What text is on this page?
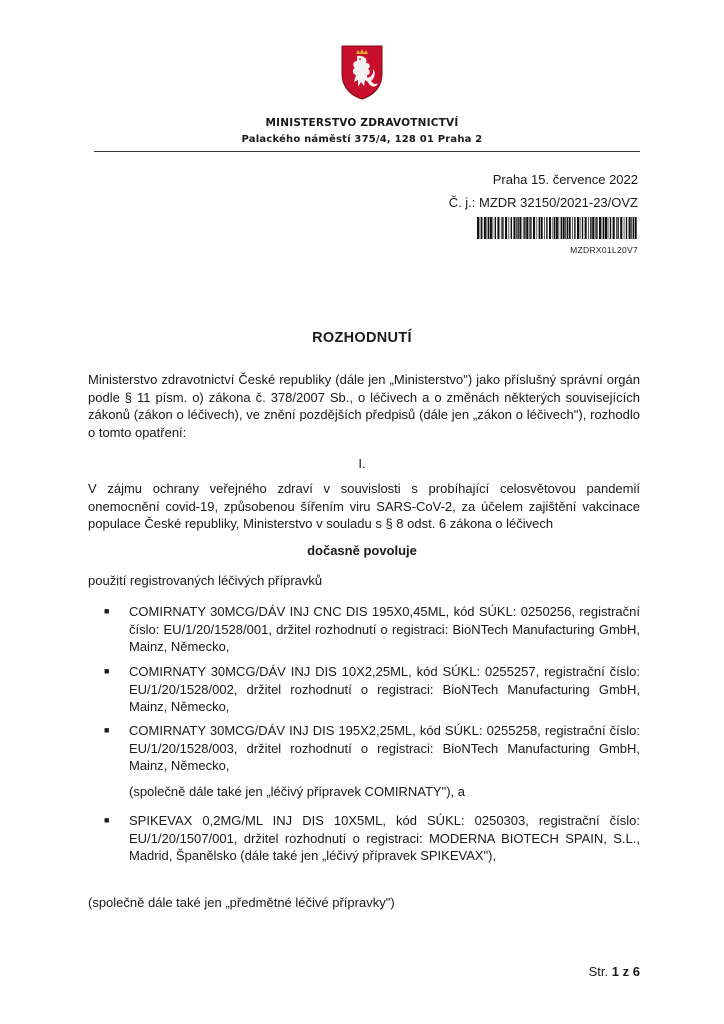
MINISTERSTVO ZDRAVOTNICTVÍ
Palackého náměstí 375/4, 128 01 Praha 2
Praha 15. července 2022
Č. j.: MZDR 32150/2021-23/OVZ
MZDRX01L20V7
ROZHODNUTÍ
Ministerstvo zdravotnictví České republiky (dále jen „Ministerstvo") jako příslušný správní orgán podle § 11 písm. o) zákona č. 378/2007 Sb., o léčivech a o změnách některých souvisejících zákonů (zákon o léčivech), ve znění pozdějších předpisů (dále jen „zákon o léčivech"), rozhodlo o tomto opatření:
I.
V zájmu ochrany veřejného zdraví v souvislosti s probíhající celosvětovou pandemií onemocnění covid-19, způsobenou šířením viru SARS-CoV-2, za účelem zajištění vakcinace populace České republiky, Ministerstvo v souladu s § 8 odst. 6 zákona o léčivech
dočasně povoluje
použití registrovaných léčivých přípravků
■ COMIRNATY 30MCG/DÁV INJ CNC DIS 195X0,45ML, kód SÚKL: 0250256, registrační číslo: EU/1/20/1528/001, držitel rozhodnutí o registraci: BioNTech Manufacturing GmbH, Mainz, Německo,
■ COMIRNATY 30MCG/DÁV INJ DIS 10X2,25ML, kód SÚKL: 0255257, registrační číslo: EU/1/20/1528/002, držitel rozhodnutí o registraci: BioNTech Manufacturing GmbH, Mainz, Německo,
■ COMIRNATY 30MCG/DÁV INJ DIS 195X2,25ML, kód SÚKL: 0255258, registrační číslo: EU/1/20/1528/003, držitel rozhodnutí o registraci: BioNTech Manufacturing GmbH, Mainz, Německo,
(společně dále také jen „léčivý přípravek COMIRNATY"), a
■ SPIKEVAX 0,2MG/ML INJ DIS 10X5ML, kód SÚKL: 0250303, registrační číslo: EU/1/20/1507/001, držitel rozhodnutí o registraci: MODERNA BIOTECH SPAIN, S.L., Madrid, Španělsko (dále také jen „léčivý přípravek SPIKEVAX"),
(společně dále také jen „předmětné léčivé přípravky")
Str. 1 z 6
